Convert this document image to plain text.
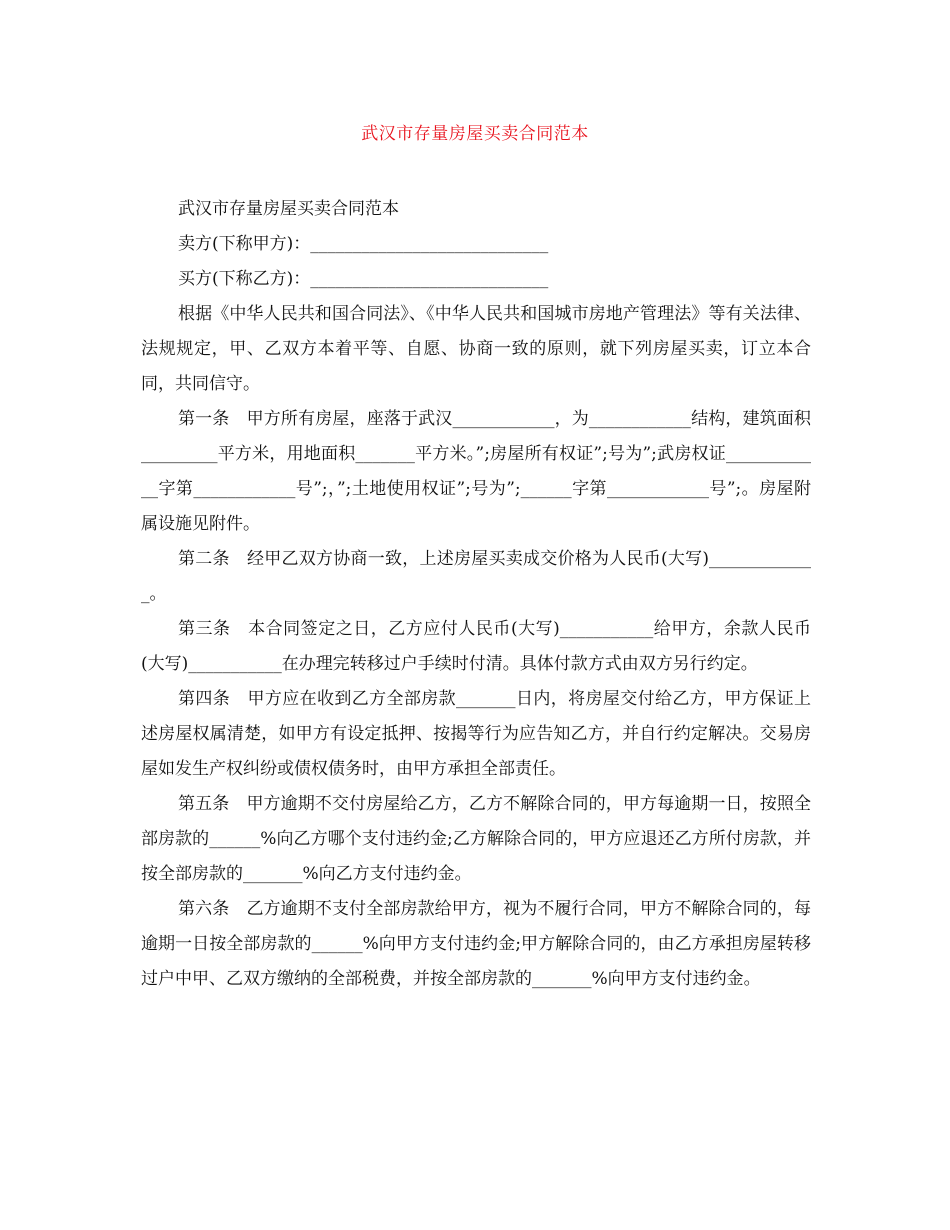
武汉市存量房屋买卖合同范本

武汉市存量房屋买卖合同范本

卖方(下称甲方)：____________________________

买方(下称乙方)：____________________________

根据《中华人民共和国合同法》、《中华人民共和国城市房地产管理法》等有关法律、法规规定，甲、乙双方本着平等、自愿、协商一致的原则，就下列房屋买卖，订立本合同，共同信守。

第一条　甲方所有房屋，座落于武汉____________，为____________结构，建筑面积_________平方米，用地面积_______平方米。”;房屋所有权证”;号为”;武房权证____________字第____________号”;，”;土地使用权证”;号为”;______字第____________号”;。房屋附属设施见附件。

第二条　经甲乙双方协商一致，上述房屋买卖成交价格为人民币(大写)_____________。

第三条　本合同签定之日，乙方应付人民币(大写)___________给甲方，余款人民币(大写)___________在办理完转移过户手续时付清。具体付款方式由双方另行约定。

第四条　甲方应在收到乙方全部房款_______日内，将房屋交付给乙方，甲方保证上述房屋权属清楚，如甲方有设定抵押、按揭等行为应告知乙方，并自行约定解决。交易房屋如发生产权纠纷或债权债务时，由甲方承担全部责任。

第五条　甲方逾期不交付房屋给乙方，乙方不解除合同的，甲方每逾期一日，按照全部房款的______%向乙方哪个支付违约金;乙方解除合同的，甲方应退还乙方所付房款，并按全部房款的_______%向乙方支付违约金。

第六条　乙方逾期不支付全部房款给甲方，视为不履行合同，甲方不解除合同的，每逾期一日按全部房款的______%向甲方支付违约金;甲方解除合同的，由乙方承担房屋转移过户中甲、乙双方缴纳的全部税费，并按全部房款的_______%向甲方支付违约金。
